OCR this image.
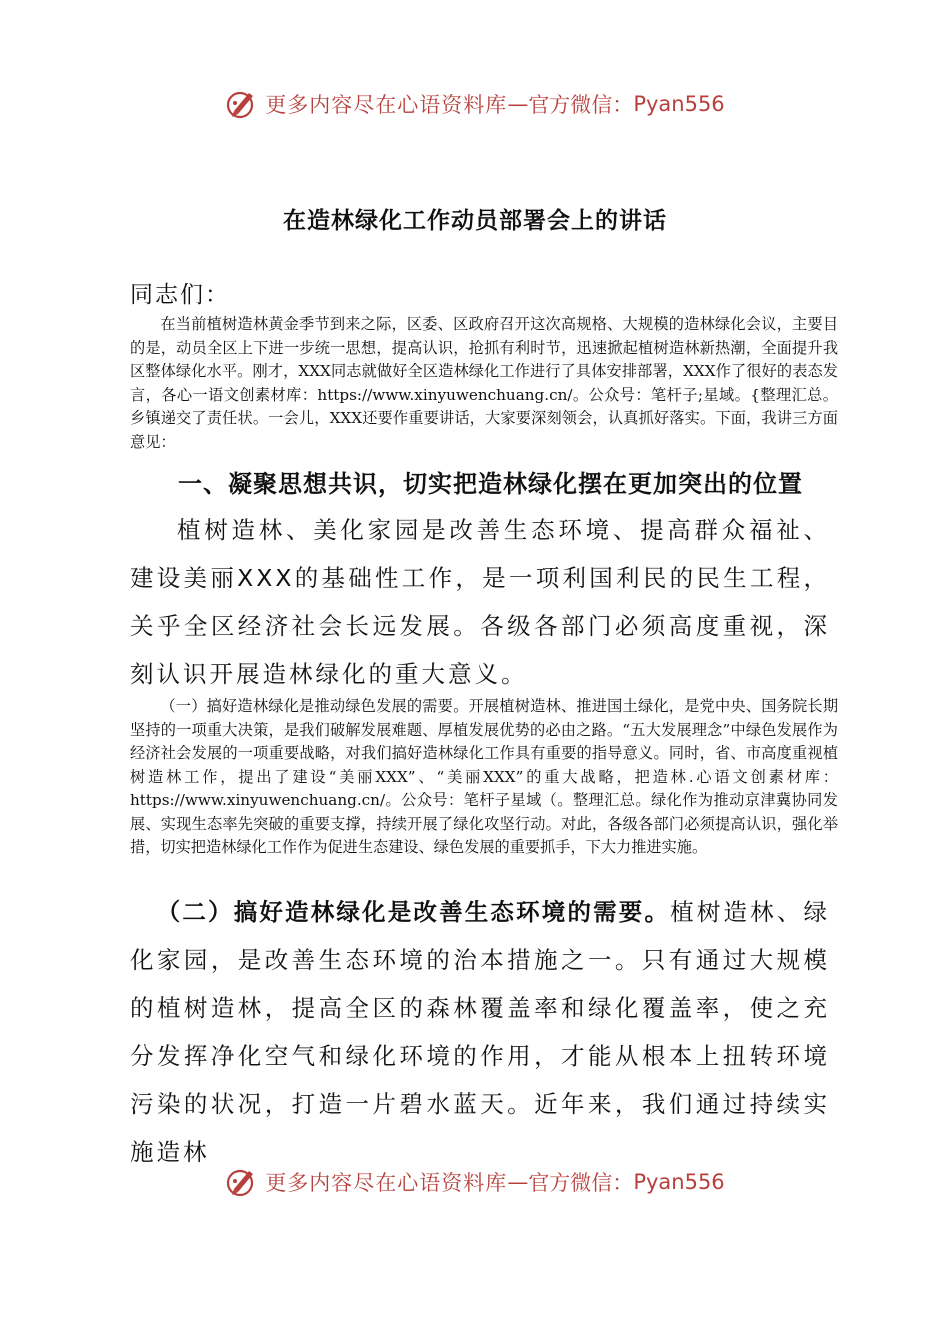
更多内容尽在心语资料库 — 官方微信： Pyan556
在造林绿化工作动员部署会上的讲话
同志们：
在当前植树造林黄金季节到来之际，区委、区政府召开这次高规格、大规模的造林绿化会议，主要目的是，动员全区上下进一步统一思想，提高认识，抢抓有利时节，迅速掀起植树造林新热潮，全面提升我区整体绿化水平。刚才，XXX同志就做好全区造林绿化工作进行了具体安排部署，XXX作了很好的表态发言，各心一语文创素材库：https://www.xinyuwenchuang.cn/。公众号：笔杆子;星域。{整理汇总。乡镇递交了责任状。一会儿，XXX还要作重要讲话，大家要深刻领会，认真抓好落实。下面，我讲三方面意见：
一、凝聚思想共识，切实把造林绿化摆在更加突出的位置
植树造林、美化家园是改善生态环境、提高群众福祉、建设美丽XXX的基础性工作，是一项利国利民的民生工程，关乎全区经济社会长远发展。各级各部门必须高度重视，深刻认识开展造林绿化的重大意义。
（一）搞好造林绿化是推动绿色发展的需要。开展植树造林、推进国土绿化，是党中央、国务院长期坚持的一项重大决策，是我们破解发展难题、厚植发展优势的必由之路。“五大发展理念”中绿色发展作为经济社会发展的一项重要战略，对我们搞好造林绿化工作具有重要的指导意义。同时，省、市高度重视植树造林工作，提出了建设“美丽XXX”、“美丽XXX”的重大战略，把造林.心语文创素材库：https://www.xinyuwenchuang.cn/。公众号：笔杆子星域（。整理汇总。绿化作为推动京津冀协同发展、实现生态率先突破的重要支撑，持续开展了绿化攻坚行动。对此，各级各部门必须提高认识，强化举措，切实把造林绿化工作作为促进生态建设、绿色发展的重要抓手，下大力推进实施。
 （二）搞好造林绿化是改善生态环境的需要。植树造林、绿化家园，是改善生态环境的治本措施之一。只有通过大规模的植树造林，提高全区的森林覆盖率和绿化覆盖率，使之充分发挥净化空气和绿化环境的作用，才能从根本上扭转环境污染的状况，打造一片碧水蓝天。近年来，我们通过持续实施造林
更多内容尽在心语资料库 — 官方微信： Pyan556
